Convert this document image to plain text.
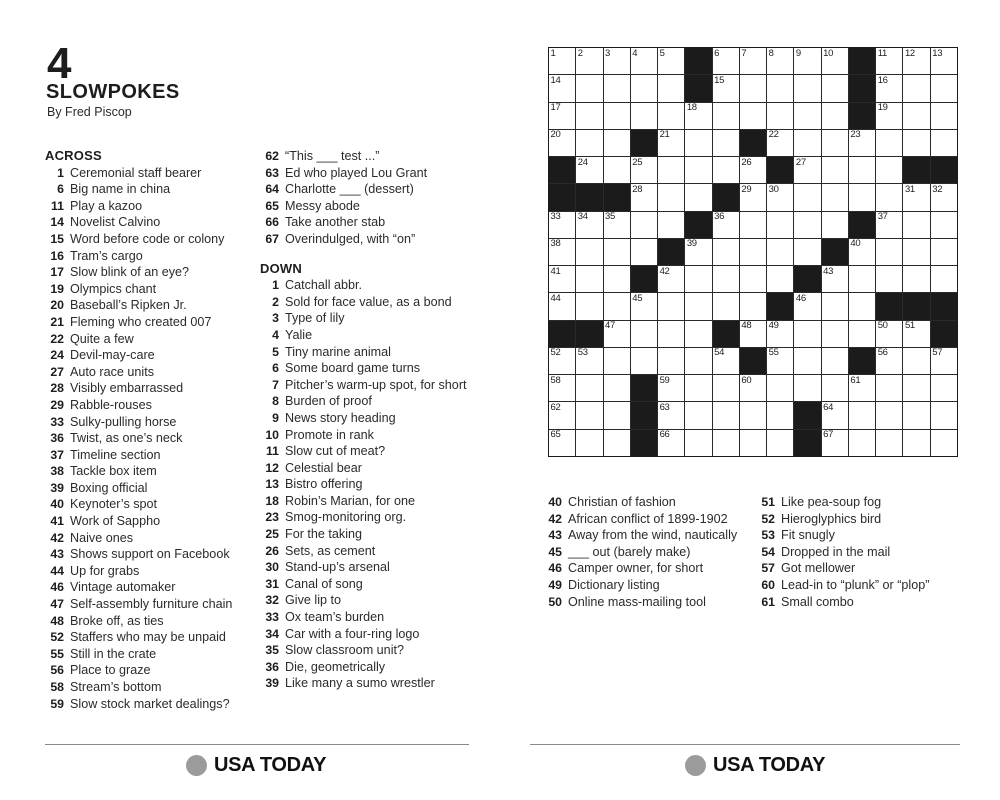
4
SLOWPOKES
By Fred Piscop
ACROSS
1 Ceremonial staff bearer
6 Big name in china
11 Play a kazoo
14 Novelist Calvino
15 Word before code or colony
16 Tram’s cargo
17 Slow blink of an eye?
19 Olympics chant
20 Baseball’s Ripken Jr.
21 Fleming who created 007
22 Quite a few
24 Devil-may-care
27 Auto race units
28 Visibly embarrassed
29 Rabble-rouses
33 Sulky-pulling horse
36 Twist, as one’s neck
37 Timeline section
38 Tackle box item
39 Boxing official
40 Keynoter’s spot
41 Work of Sappho
42 Naive ones
43 Shows support on Facebook
44 Up for grabs
46 Vintage automaker
47 Self-assembly furniture chain
48 Broke off, as ties
52 Staffers who may be unpaid
55 Still in the crate
56 Place to graze
58 Stream’s bottom
59 Slow stock market dealings?
62 “This ___ test ...”
63 Ed who played Lou Grant
64 Charlotte ___ (dessert)
65 Messy abode
66 Take another stab
67 Overindulged, with “on”
DOWN
1 Catchall abbr.
2 Sold for face value, as a bond
3 Type of lily
4 Yalie
5 Tiny marine animal
6 Some board game turns
7 Pitcher’s warm-up spot, for short
8 Burden of proof
9 News story heading
10 Promote in rank
11 Slow cut of meat?
12 Celestial bear
13 Bistro offering
18 Robin’s Marian, for one
23 Smog-monitoring org.
25 For the taking
26 Sets, as cement
30 Stand-up’s arsenal
31 Canal of song
32 Give lip to
33 Ox team’s burden
34 Car with a four-ring logo
35 Slow classroom unit?
36 Die, geometrically
39 Like many a sumo wrestler
1 2 3 4 5	6 7 8 9 10	11 12 13
14	15	16
17	18	19
20	21	22	23
24	25	26	27
28	29 30	31 32
33 34 35	36	37
38	39	40
41	42	43
44	45	46
47	48 49	50 51
52 53	54	55	56	57
58	59	60	61
62	63	64
65	66	67
40 Christian of fashion
42 African conflict of 1899-1902
43 Away from the wind, nautically
45 ___ out (barely make)
46 Camper owner, for short
49 Dictionary listing
50 Online mass-mailing tool
51 Like pea-soup fog
52 Hieroglyphics bird
53 Fit snugly
54 Dropped in the mail
57 Got mellower
60 Lead-in to “plunk” or “plop”
61 Small combo
USA TODAY	USA TODAY
